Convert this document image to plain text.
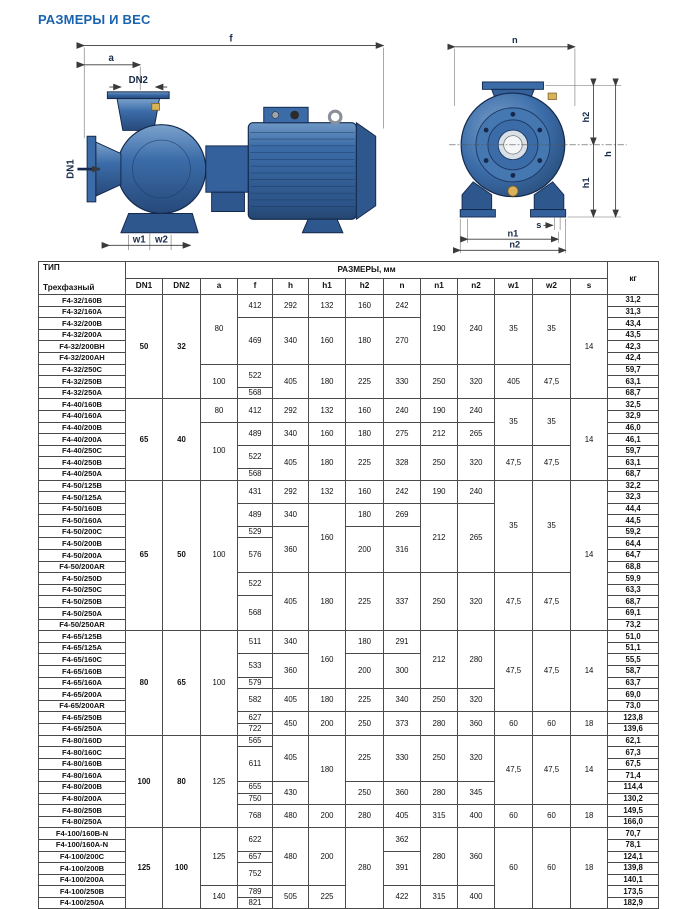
РАЗМЕРЫ И ВЕС
f
a
DN2
DN1
w1 w2
n
h2
h
h1
s
n1
n2
ТИП
Трехфазный	РАЗМЕРЫ, мм													кг

	DN1	DN2	a	f	h	h1	h2	n	n1	n2	w1	w2	s	
F4-32/160B	50	32	80	412	292	132	160	242	190	240	35	35	14	31,2
F4-32/160A														31,3
F4-32/200B				469	340	160	180	270						43,4
F4-32/200A														43,5
F4-32/200BH														42,3
F4-32/200AH														42,4
F4-32/250C			100	522	405	180	225	330	250	320	405	47,5		59,7
F4-32/250B														63,1
F4-32/250A				568										68,7
F4-40/160B	65	40	80	412	292	132	160	240	190	240	35	35	14	32,5
F4-40/160A														32,9
F4-40/200B			100	489	340	160	180	275	212	265				46,0
F4-40/200A														46,1
F4-40/250C				522	405	180	225	328	250	320	47,5	47,5		59,7
F4-40/250B														63,1
F4-40/250A				568										68,7
F4-50/125B	65	50	100	431	292	132	160	242	190	240	35	35	14	32,2
F4-50/125A														32,3
F4-50/160B				489	340	160	180	269	212	265				44,4
F4-50/160A														44,5
F4-50/200C				529	360		200	316						59,2
F4-50/200B				576										64,4
F4-50/200A														64,7
F4-50/200AR														68,8
F4-50/250D				522	405	180	225	337	250	320	47,5	47,5		59,9
F4-50/250C														63,3
F4-50/250B				568										68,7
F4-50/250A														69,1
F4-50/250AR														73,2
F4-65/125B	80	65	100	511	340	160	180	291	212	280	47,5	47,5	14	51,0
F4-65/125A														51,1
F4-65/160C				533	360		200	300						55,5
F4-65/160B														58,7
F4-65/160A				579										63,7
F4-65/200A				582	405	180	225	340	250	320				69,0
F4-65/200AR														73,0
F4-65/250B				627	450	200	250	373	280	360	60	60	18	123,8
F4-65/250A				722										139,6
F4-80/160D	100	80	125	565	405	180	225	330	250	320	47,5	47,5	14	62,1
F4-80/160C				611										67,3
F4-80/160B														67,5
F4-80/160A														71,4
F4-80/200B				655	430		250	360	280	345				114,4
F4-80/200A				750										130,2
F4-80/250B				768	480	200	280	405	315	400	60	60	18	149,5
F4-80/250A														166,0
F4-100/160B-N	125	100	125	622	480	200	280	362	280	360	60	60	18	70,7
F4-100/160A-N														78,1
F4-100/200C				657				391						124,1
F4-100/200B				752										139,8
F4-100/200A														140,1
F4-100/250B			140	789	505	225		422	315	400				173,5
F4-100/250A				821										182,9
